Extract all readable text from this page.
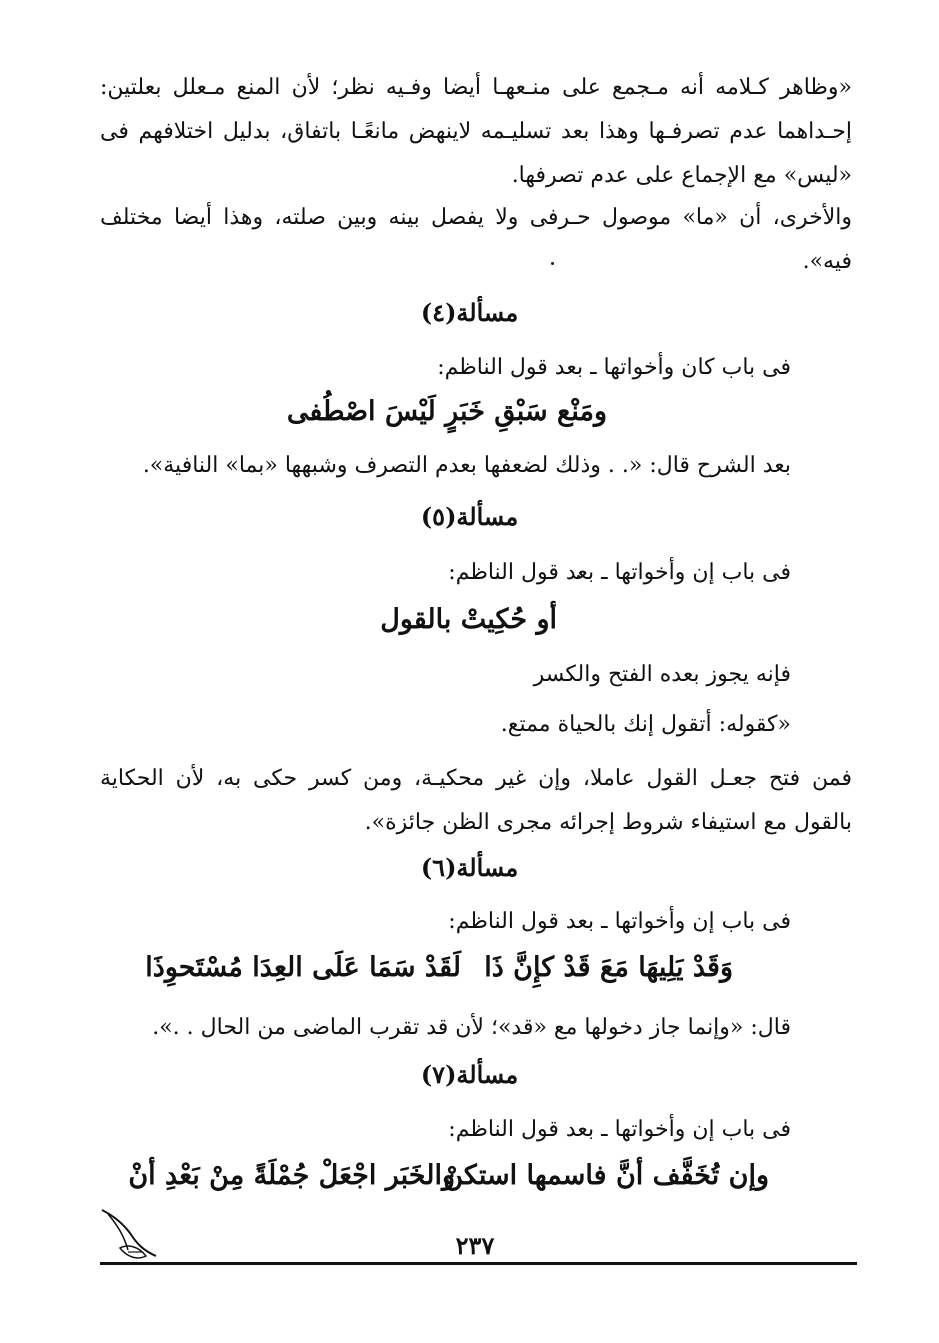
«وظاهر كـلامه أنه مـجمع على منـعهـا أيضا وفـيه نظر؛ لأن المنع مـعلل بعلتين: إحـداهما عدم تصرفـها وهذا بعد تسليـمه لاينهض مانعًـا باتفاق، بدليل اختلافهم فى «ليس» مع الإجماع على عدم تصرفها.

والأخرى، أن «ما» موصول حـرفى ولا يفصل بينه وبين صلته، وهذا أيضا مختلف فيه».

مسألة(٤)

فى باب كان وأخواتها ـ بعد قول الناظم:

ومَنْع سَبْقِ خَبَرٍ لَيْسَ اصْطُفى

بعد الشرح قال: «. . وذلك لضعفها بعدم التصرف وشبهها «بما» النافية».

مسألة(٥)

فى باب إن وأخواتها ـ بعد قول الناظم:

أو حُكِيتْ بالقول

فإنه يجوز بعده الفتح والكسر

«كقوله: أتقول إنك بالحياة ممتع.

فمن فتح جعـل القول عاملا، وإن غير محكيـة، ومن كسر حكى به، لأن الحكاية بالقول مع استيفاء شروط إجرائه مجرى الظن جائزة».

مسألة(٦)

فى باب إن وأخواتها ـ بعد قول الناظم:

وَقَدْ يَلِيهَا مَعَ قَدْ كإِنَّ ذَا

لَقَدْ سَمَا عَلَى العِدَا مُسْتَحوِذَا

قال: «وإنما جاز دخولها مع «قد»؛ لأن قد تقرب الماضى من الحال . .».

مسألة(٧)

فى باب إن وأخواتها ـ بعد قول الناظم:

وإن تُخَفَّف أنَّ فاسمها استكنْ

والخَبَر اجْعَلْ جُمْلَةً مِنْ بَعْدِ أنْ

٢٣٧
